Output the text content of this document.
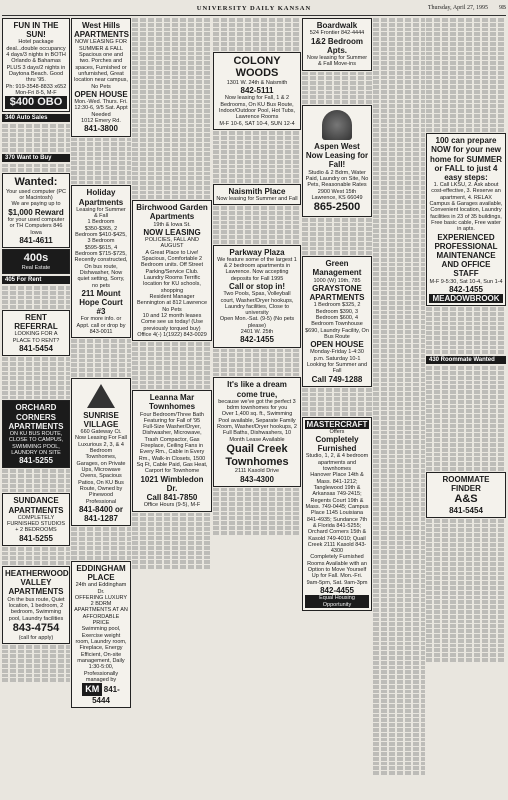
9B
UNIVERSITY DAILY KANSAN	Thursday, April 27, 1995
FUN IN THE SUN!
Hotel package deal...double occupancy 4 days/3 nights in BOTH Orlando & Bahamas PLUS 3 days/2 nights in Daytona Beach. Good thru '95.
Ph: 919-3548-8833 x652 Mon-Fri 8-5, M-F
$400 OBO
340 Auto Sales
370 Want to Buy
Wanted:
Your used computer (PC or Macintosh)
We are paying up to
$1,000 Reward
for your used computer or TH Computers 846 Iowa
841-4611
400s
Real Estate
405 For Rent
RENT REFERRAL
LOOKING FOR A PLACE TO RENT?
841-5454
ORCHARD CORNERS APARTMENTS
ON KU BUS ROUTE, CLOSE TO CAMPUS, SWIMMING POOL, LAUNDRY ON SITE
841-5255
SUNDANCE APARTMENTS
COMPLETELY FURNISHED STUDIOS + 2 BEDROOMS
841-5255
HEATHERWOOD VALLEY APARTMENTS
On the bus route, Quiet location, 1 bedroom, 2 bedroom, Swimming pool, Laundry facilities
843-4754
(call for apply)
West Hills APARTMENTS
NOW LEASING FOR SUMMER & FALL
Spacious one and two. Porches and spaces, Furnished or unfurnished, Great location near campus, No Pets
OPEN HOUSE
Mon.-Wed. Thurs. Fri. 12:30-6, 9/5 Sat. Appt Needed
1012 Emery Rd.
841-3800
Holiday Apartments
Leasing for Summer & Fall
1 Bedroom $350-$365, 2 Bedroom $410-$425, 3 Bedroom $595-$615, 4 Bedroom $715-$725, Recently constructed, On bus route, Dishwasher, Now quiet setting, Sorry, no pets
211 Mount Hope Court #3
For more info. or Appt. call or drop by 843-0011
SUNRISE VILLAGE
660 Gateway Ct.
Now Leasing For Fall
Luxurious 2, 3, & 4 Bedroom Townhomes, Garages, on Private Ups, Microwave Ovens, Spacious Patios, On KU Bus Route, Owned by Pinewood Professional
841-8400 or 841-1287
EDDINGHAM PLACE
24th and Eddingham Dr.
OFFERING LUXURY 2 BDRM APARTMENTS AT AN AFFORDABLE PRICE
Swimming pool, Exercise weight room, Laundry room, Fireplace, Energy Efficient, On-site management, Daily 1:30-5:00, Professionally managed by
KM 841-5444
Birchwood Garden Apartments
19th & Iowa St.
NOW LEASING
POLICIES, FALL AND AUGUST
A Great Place to Live! Spacious, Comfortable 2 Bedroom units. Off Street Parking/Service Club. Laundry Rooms Terrific location for KU schools, shopping
Resident Manager Bennington at 812 Lawrence No Pets
10 and 12 month leases
Come see us today! (Use previously torqued buy)
Office 4(-) 1(1922) 843-0029
Leanna Mar Townhomes
Four Bedroom/Three Bath
Featuring for Fall of '95
Full-Size Washer/Dryer, Dishwasher, Microwave, Trash Compactor, Gas Fireplace, Ceiling Fans in Every Rm., Cable in Every Rm., Walk-in Closets, 1500 Sq Ft, Cable Paid, Gas Heat, Carport for Townhome
1021 Wimbledon Dr.
Call 841-7850
Office Hours (9-5), M-F
COLONY WOODS
1301 W. 24th & Naismith
842-5111
Now leasing for Fall, 1 & 2 Bedrooms, On KU Bus Route, Indoor/Outdoor Pool, Hot Tubs, Lawrence Rooms
M-F 10-6, SAT 10-4, SUN 12-4
Naismith Place
Now leasing for Summer and Fall
Parkway Plaza
We feature some of the largest 1 & 2 bedroom apartments in Lawrence. Now accepting deposits for Fall 1995
Call or stop in!
Two Pools, Spas, Volleyball court, Washer/Dryer hookups, Laundry facilities, Close to university
Open Mon.-Sat. (9-5) (No pets please)
2401 W. 25th
842-1455
It's like a dream come true,
because we've got the perfect 3 bdrm townhomes for you
Over 1,400 sq. ft., Swimming Pool available, Separate Family Room, Washer/Dryer hookups, 2 Full Baths, Dishwashers, 10 Month Lease Available
Quail Creek Townhomes
2111 Kasold Drive
843-4300
Boardwalk
524 Frontier 842-4444
1&2 Bedroom Apts.
Now leasing for Summer & Fall Move-ins
Aspen West
Now Leasing for Fall!
Studio & 2 Bdrm, Water Paid, Laundry on Site, No Pets, Reasonable Rates
2900 West 15th Lawrence, KS 66049
865-2500
Green Management
1000 (W) 19th, 785
GRAYSTONE APARTMENTS
1 Bedroom $325, 2 Bedroom $390, 3 Bedroom $600, 4 Bedroom Townhouse $690, Laundry Facility, On Bus Route
OPEN HOUSE
Monday-Friday 1-4:30 p.m. Saturday 10-1
Looking for Summer and Fall
Call 749-1288
MASTERCRAFT
Offers
Completely Furnished
Studio, 1, 2, & 4 bedroom apartments and townhomes
Hanover Place 14th & Mass. 841-1212; Tanglewood 19th & Arkansas 749-2415; Regents Court 19th & Mass. 749-0445; Campus Place 1145 Louisiana 841-4935; Sundance 7th & Florida 841-5255; Orchard Corners 15th & Kasold 749-4010; Quail Creek 2111 Kasold 843-4300
Completely Furnished Rooms Available with an Option to Move Yourself Up for Fall. Mon.-Fri. 9am-5pm, Sat. 9am-3pm
842-4455
Equal Housing Opportunity
100 can prepare NOW for your new home for SUMMER or FALL to just 4 easy steps:
1. Call LKSU, 2. Ask about cost-effective, 3. Reserve an apartment, 4. RELAX
Campus & Garages available, Convenient location, Laundry facilities in 23 of 35 buildings, Free basic cable, Free water in apts.
EXPERIENCED PROFESSIONAL MAINTENANCE AND OFFICE STAFF
M-F 9-5:30, Sat 10-4, Sun 1-4
842-1455
MEADOWBROOK
430 Roommate Wanted
ROOMMATE FINDER
A&S
841-5454
